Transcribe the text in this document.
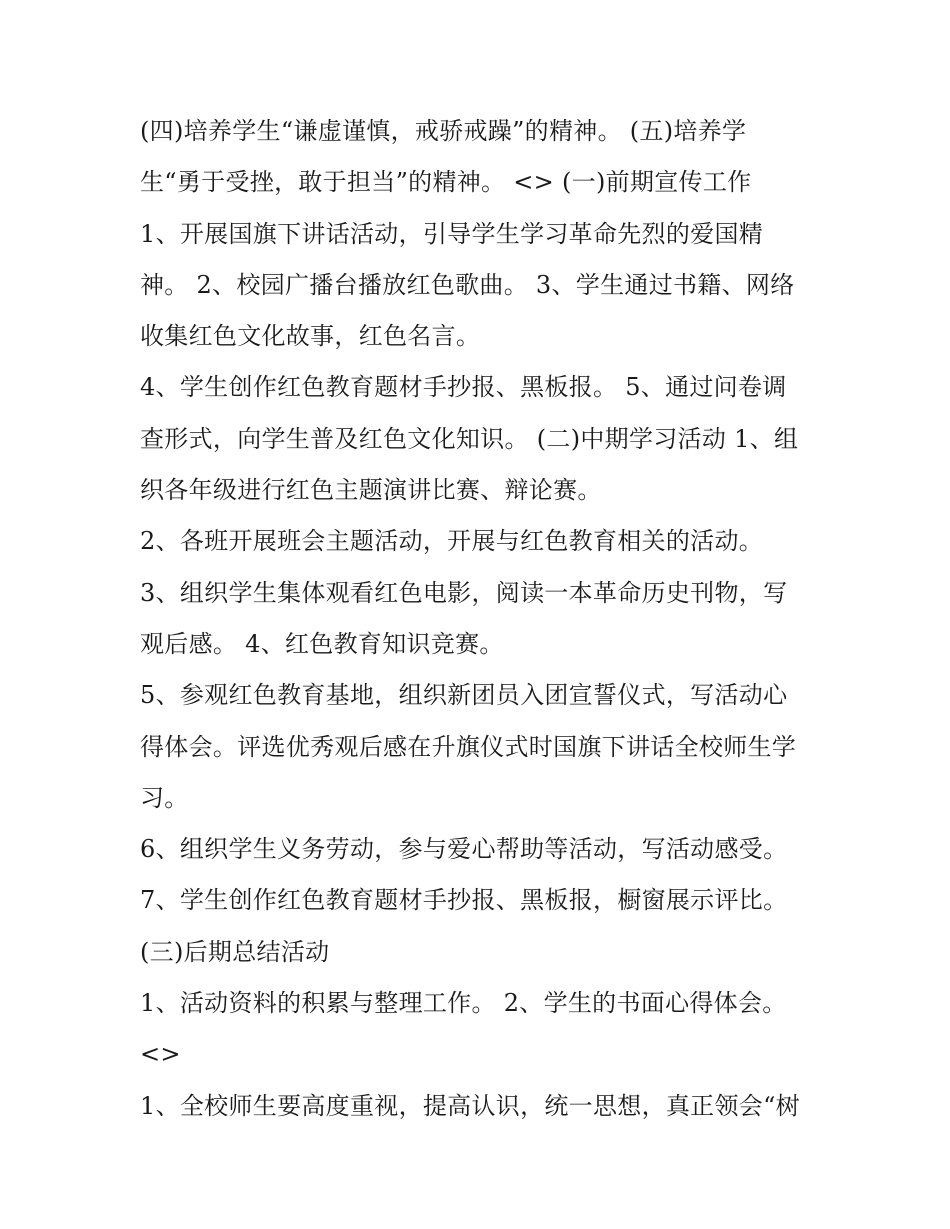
(四)培养学生“谦虚谨慎，戒骄戒躁”的精神。 (五)培养学
生“勇于受挫，敢于担当”的精神。 <> (一)前期宣传工作
1、开展国旗下讲话活动，引导学生学习革命先烈的爱国精
神。 2、校园广播台播放红色歌曲。 3、学生通过书籍、网络
收集红色文化故事，红色名言。
4、学生创作红色教育题材手抄报、黑板报。 5、通过问卷调
查形式，向学生普及红色文化知识。 (二)中期学习活动 1、组
织各年级进行红色主题演讲比赛、辩论赛。
2、各班开展班会主题活动，开展与红色教育相关的活动。
3、组织学生集体观看红色电影，阅读一本革命历史刊物，写
观后感。 4、红色教育知识竞赛。
5、参观红色教育基地，组织新团员入团宣誓仪式，写活动心
得体会。评选优秀观后感在升旗仪式时国旗下讲话全校师生学
习。
6、组织学生义务劳动，参与爱心帮助等活动，写活动感受。
7、学生创作红色教育题材手抄报、黑板报，橱窗展示评比。
(三)后期总结活动
1、活动资料的积累与整理工作。 2、学生的书面心得体会。
<>
1、全校师生要高度重视，提高认识，统一思想，真正领会“树
